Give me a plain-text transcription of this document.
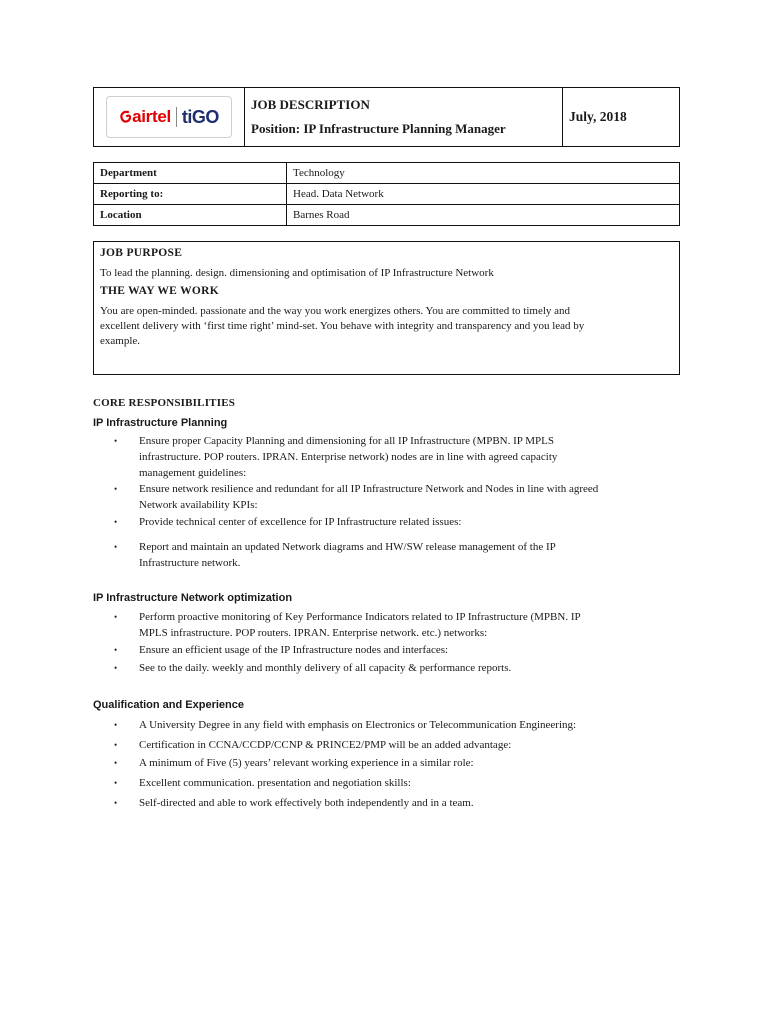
airtel tiGO

JOB DESCRIPTION
Position: IP Infrastructure Planning Manager
	July, 2018
Department	Technology
Reporting to:	Head. Data Network
Location	Barnes Road
JOB PURPOSE
To lead the planning. design. dimensioning and optimisation of IP Infrastructure Network
THE WAY WE WORK
You are open-minded. passionate and the way you work energizes others. You are committed to timely and
excellent delivery with ‘first time right’ mind-set. You behave with integrity and transparency and you lead by
example.
CORE RESPONSIBILITIES
IP Infrastructure Planning
•	Ensure proper Capacity Planning and dimensioning for all IP Infrastructure (MPBN. IP MPLS
infrastructure. POP routers. IPRAN. Enterprise network) nodes are in line with agreed capacity
management guidelines:
•	Ensure network resilience and redundant for all IP Infrastructure Network and Nodes in line with agreed
Network availability KPIs:
•	Provide technical center of excellence for IP Infrastructure related issues:
•	Report and maintain an updated Network diagrams and HW/SW release management of the IP
Infrastructure network.
IP Infrastructure Network optimization
•	Perform proactive monitoring of Key Performance Indicators related to IP Infrastructure (MPBN. IP
MPLS infrastructure. POP routers. IPRAN. Enterprise network. etc.) networks:
•	Ensure an efficient usage of the IP Infrastructure nodes and interfaces:
•	See to the daily. weekly and monthly delivery of all capacity & performance reports.
Qualification and Experience
•	A University Degree in any field with emphasis on Electronics or Telecommunication Engineering:
•	Certification in CCNA/CCDP/CCNP & PRINCE2/PMP will be an added advantage:
•	A minimum of Five (5) years’ relevant working experience in a similar role:
•	Excellent communication. presentation and negotiation skills:
•	Self-directed and able to work effectively both independently and in a team.
